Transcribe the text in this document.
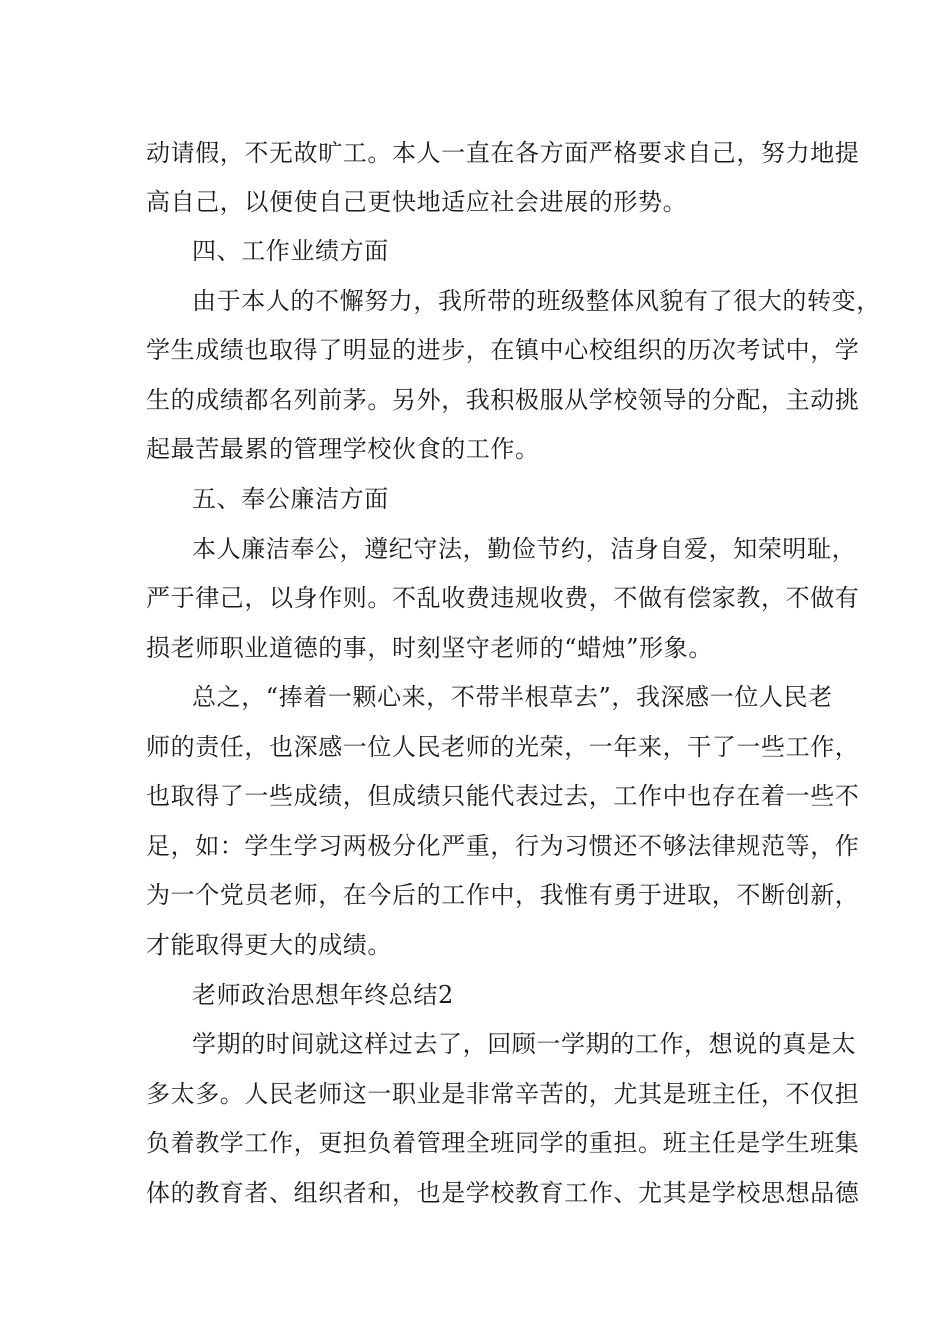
动请假，不无故旷工。本人一直在各方面严格要求自己，努力地提
高自己，以便使自己更快地适应社会进展的形势。
四、工作业绩方面
由于本人的不懈努力，我所带的班级整体风貌有了很大的转变，
学生成绩也取得了明显的进步，在镇中心校组织的历次考试中，学
生的成绩都名列前茅。另外，我积极服从学校领导的分配，主动挑
起最苦最累的管理学校伙食的工作。
五、奉公廉洁方面
本人廉洁奉公，遵纪守法，勤俭节约，洁身自爱，知荣明耻，
严于律己，以身作则。不乱收费违规收费，不做有偿家教，不做有
损老师职业道德的事，时刻坚守老师的“蜡烛”形象。
总之，“捧着一颗心来，不带半根草去”，我深感一位人民老
师的责任，也深感一位人民老师的光荣，一年来，干了一些工作，
也取得了一些成绩，但成绩只能代表过去，工作中也存在着一些不
足，如：学生学习两极分化严重，行为习惯还不够法律规范等，作
为一个党员老师，在今后的工作中，我惟有勇于进取，不断创新，
才能取得更大的成绩。
老师政治思想年终总结2
学期的时间就这样过去了，回顾一学期的工作，想说的真是太
多太多。人民老师这一职业是非常辛苦的，尤其是班主任，不仅担
负着教学工作，更担负着管理全班同学的重担。班主任是学生班集
体的教育者、组织者和，也是学校教育工作、尤其是学校思想品德
